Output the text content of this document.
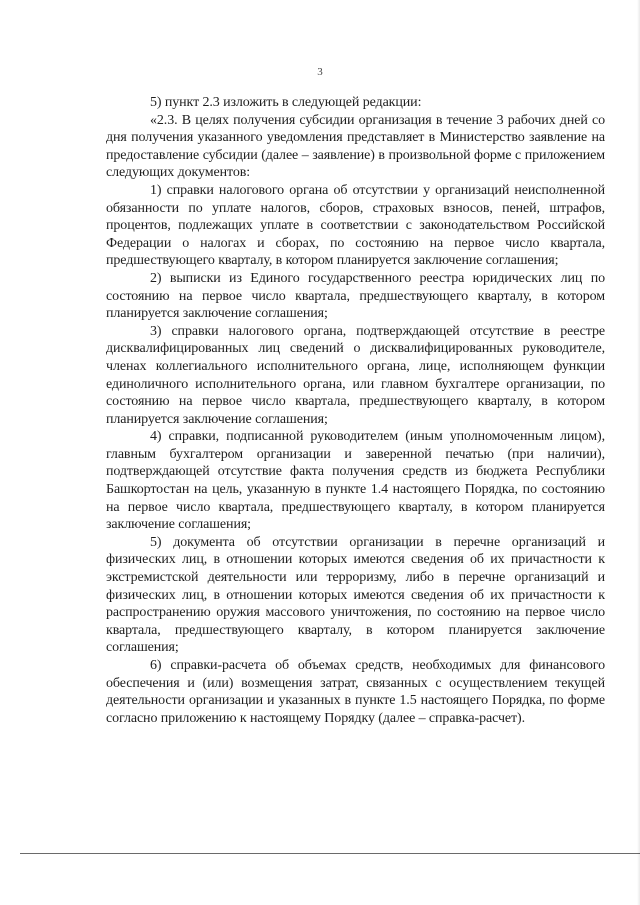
3

5) пункт 2.3 изложить в следующей редакции:

«2.3. В целях получения субсидии организация в течение 3 рабочих дней со дня получения указанного уведомления представляет в Министерство заявление на предоставление субсидии (далее – заявление) в произвольной форме с приложением следующих документов:

1) справки налогового органа об отсутствии у организаций неисполненной обязанности по уплате налогов, сборов, страховых взносов, пеней, штрафов, процентов, подлежащих уплате в соответствии с законодательством Российской Федерации о налогах и сборах, по состоянию на первое число квартала, предшествующего кварталу, в котором планируется заключение соглашения;

2) выписки из Единого государственного реестра юридических лиц по состоянию на первое число квартала, предшествующего кварталу, в котором планируется заключение соглашения;

3) справки налогового органа, подтверждающей отсутствие в реестре дисквалифицированных лиц сведений о дисквалифицированных руководителе, членах коллегиального исполнительного органа, лице, исполняющем функции единоличного исполнительного органа, или главном бухгалтере организации, по состоянию на первое число квартала, предшествующего кварталу, в котором планируется заключение соглашения;

4) справки, подписанной руководителем (иным уполномоченным лицом), главным бухгалтером организации и заверенной печатью (при наличии), подтверждающей отсутствие факта получения средств из бюджета Республики Башкортостан на цель, указанную в пункте 1.4 настоящего Порядка, по состоянию на первое число квартала, предшествующего кварталу, в котором планируется заключение соглашения;

5) документа об отсутствии организации в перечне организаций и физических лиц, в отношении которых имеются сведения об их причастности к экстремистской деятельности или терроризму, либо в перечне организаций и физических лиц, в отношении которых имеются сведения об их причастности к распространению оружия массового уничтожения, по состоянию на первое число квартала, предшествующего кварталу, в котором планируется заключение соглашения;

6) справки-расчета об объемах средств, необходимых для финансового обеспечения и (или) возмещения затрат, связанных с осуществлением текущей деятельности организации и указанных в пункте 1.5 настоящего Порядка, по форме согласно приложению к настоящему Порядку (далее – справка-расчет).
